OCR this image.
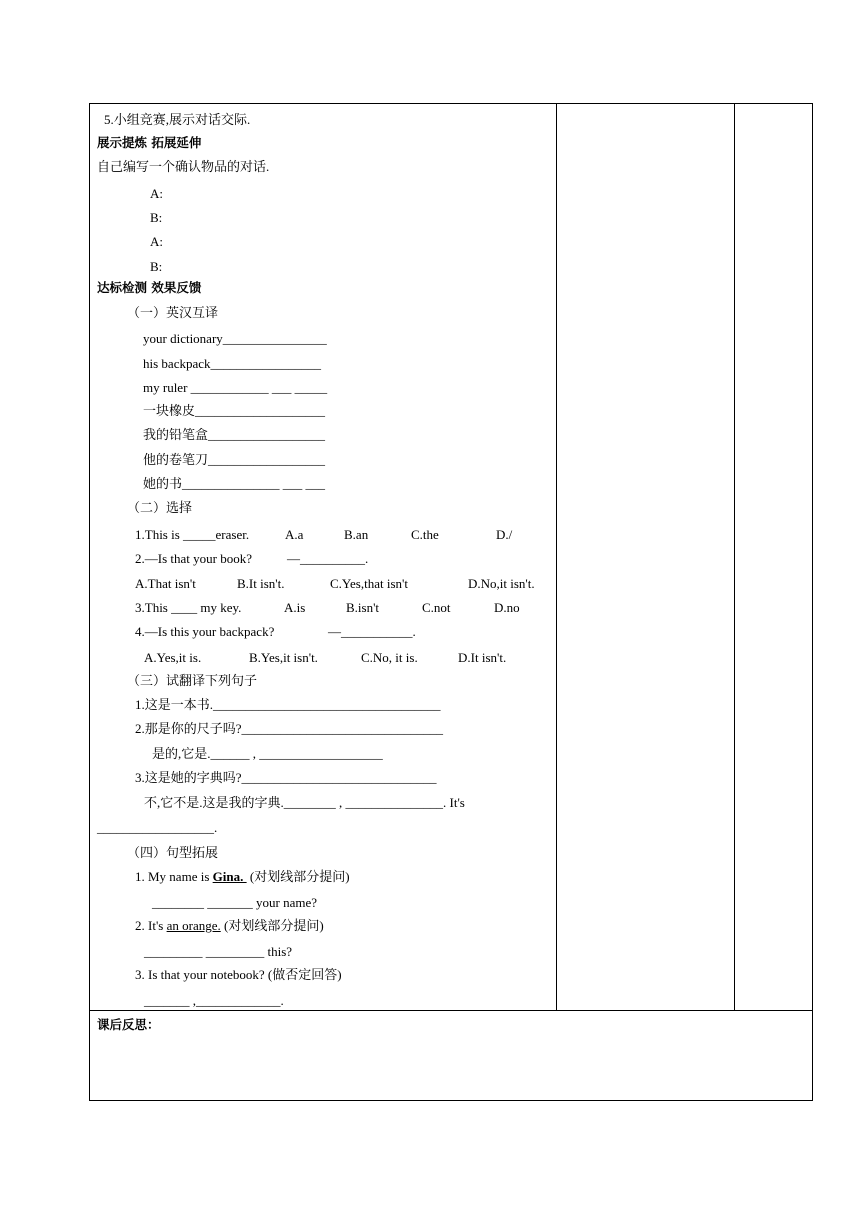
5.小组竞赛,展示对话交际.
展示提炼 拓展延伸
自己编写一个确认物品的对话.
A:
B:
A:
B:
达标检测 效果反馈
（一）英汉互译
your dictionary________________
his backpack_________________
my ruler ____________ ___ _____
一块橡皮____________________
我的铅笔盒__________________
他的卷笔刀__________________
她的书_______________ ___ ___
（二）选择
1.This is _____eraser.	A.a	B.an	C.the	D./
2.—Is that your book?	—__________.
A.That isn't	B.It isn't.	C.Yes,that isn't	D.No,it isn't.
3.This ____ my key.	A.is	B.isn't	C.not	D.no
4.—Is this your backpack?	—___________.
A.Yes,it is.	B.Yes,it isn't.	C.No, it is.	D.It isn't.
（三）试翻译下列句子
1.这是一本书.___________________________________
2.那是你的尺子吗?_______________________________
是的,它是.______ , ___________________
3.这是她的字典吗?______________________________
不,它不是.这是我的字典.________ , _______________. It's
__________________.
（四）句型拓展
1. My name is Gina.  (对划线部分提问)
________ _______ your name?
2. It's an orange. (对划线部分提问)
_________ _________ this?
3. Is that your notebook? (做否定回答)
_______ ,_____________.
课后反思：
